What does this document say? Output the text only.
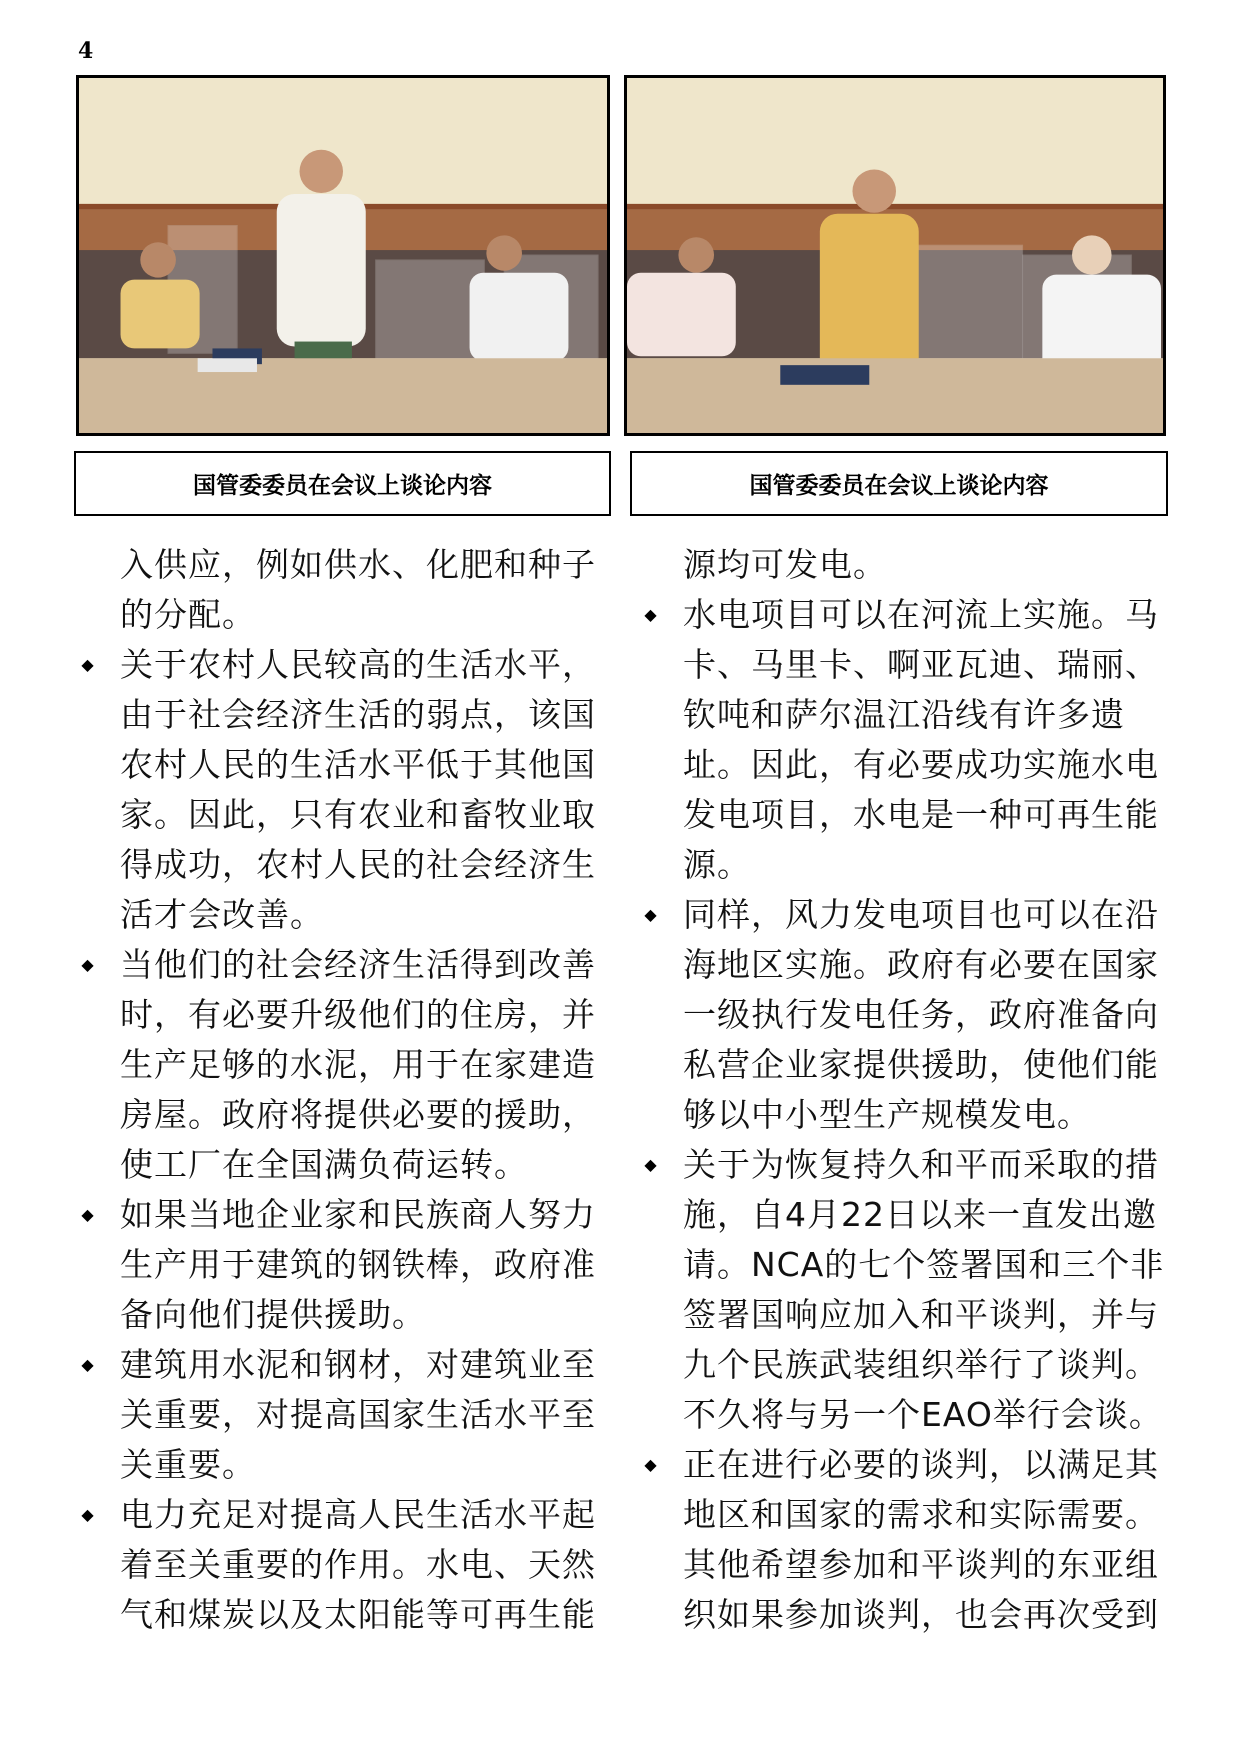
4
国管委委员在会议上谈论内容	国管委委员在会议上谈论内容

入供应，例如供水、化肥和种子的分配。

◆ 关于农村人民较高的生活水平，由于社会经济生活的弱点，该国农村人民的生活水平低于其他国家。因此，只有农业和畜牧业取得成功，农村人民的社会经济生活才会改善。

◆ 当他们的社会经济生活得到改善时，有必要升级他们的住房，并生产足够的水泥，用于在家建造房屋。政府将提供必要的援助，使工厂在全国满负荷运转。

◆ 如果当地企业家和民族商人努力生产用于建筑的钢铁棒，政府准备向他们提供援助。

◆ 建筑用水泥和钢材，对建筑业至关重要，对提高国家生活水平至关重要。

◆ 电力充足对提高人民生活水平起着至关重要的作用。水电、天然气和煤炭以及太阳能等可再生能

源均可发电。

◆ 水电项目可以在河流上实施。马卡、马里卡、啊亚瓦迪、瑞丽、钦吨和萨尔温江沿线有许多遗址。因此，有必要成功实施水电发电项目，水电是一种可再生能源。

◆ 同样，风力发电项目也可以在沿海地区实施。政府有必要在国家一级执行发电任务，政府准备向私营企业家提供援助，使他们能够以中小型生产规模发电。

◆ 关于为恢复持久和平而采取的措施，自4月22日以来一直发出邀请。NCA的七个签署国和三个非签署国响应加入和平谈判，并与九个民族武装组织举行了谈判。不久将与另一个EAO举行会谈。

◆ 正在进行必要的谈判，以满足其地区和国家的需求和实际需要。其他希望参加和平谈判的东亚组织如果参加谈判，也会再次受到
